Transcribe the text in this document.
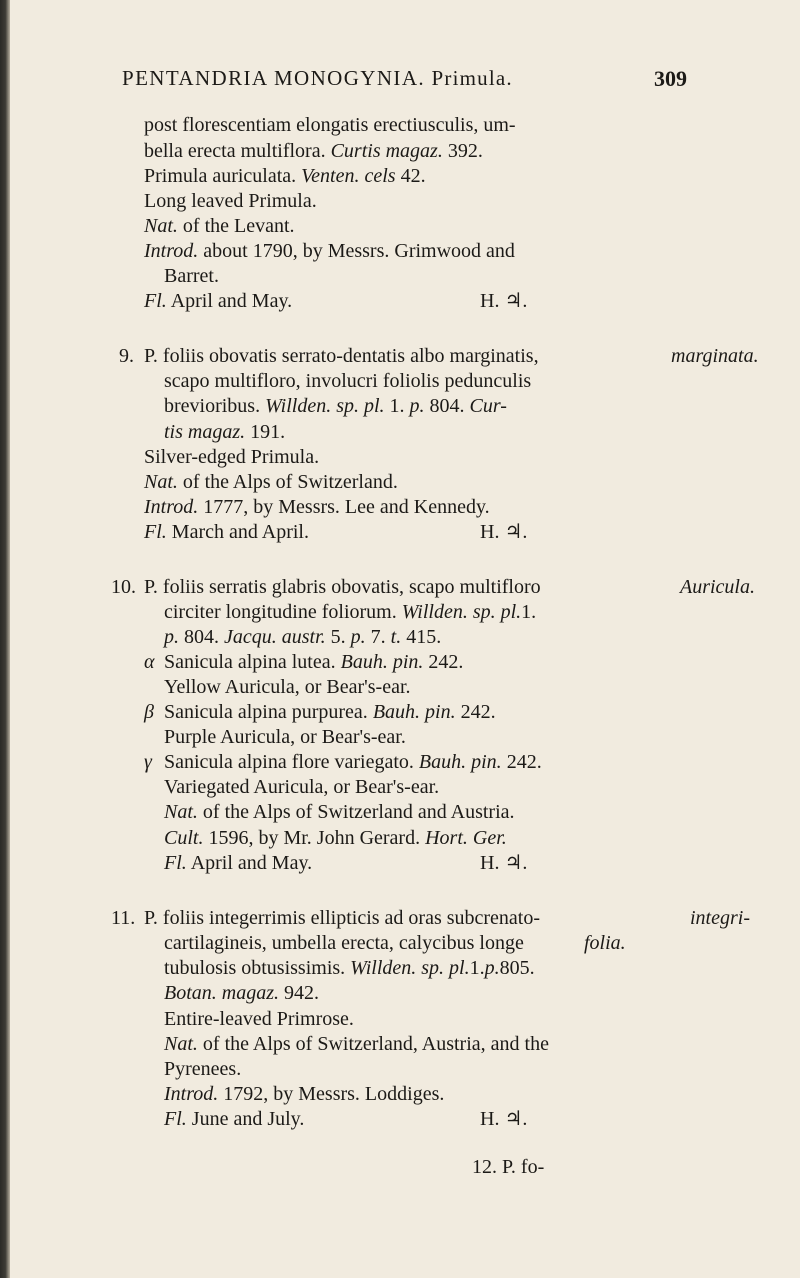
PENTANDRIA MONOGYNIA. Primula.	309
post florescentiam elongatis erectiusculis, um-
bella erecta multiflora. Curtis magaz. 392.
Primula auriculata. Venten. cels 42.
Long leaved Primula.
Nat. of the Levant.
Introd. about 1790, by Messrs. Grimwood and
Barret.
Fl. April and May.	H. ♃.
9. P. foliis obovatis serrato-dentatis albo marginatis,	marginata.
scapo multifloro, involucri foliolis pedunculis
brevioribus. Willden. sp. pl. 1. p. 804. Cur-
tis magaz. 191.
Silver-edged Primula.
Nat. of the Alps of Switzerland.
Introd. 1777, by Messrs. Lee and Kennedy.
Fl. March and April.	H. ♃.
10. P. foliis serratis glabris obovatis, scapo multifloro	Auricula.
circiter longitudine foliorum. Willden. sp. pl.1.
p. 804. Jacqu. austr. 5. p. 7. t. 415.
α Sanicula alpina lutea. Bauh. pin. 242.
Yellow Auricula, or Bear's-ear.
β Sanicula alpina purpurea. Bauh. pin. 242.
Purple Auricula, or Bear's-ear.
γ Sanicula alpina flore variegato. Bauh. pin. 242.
Variegated Auricula, or Bear's-ear.
Nat. of the Alps of Switzerland and Austria.
Cult. 1596, by Mr. John Gerard. Hort. Ger.
Fl. April and May.	H. ♃.
11. P. foliis integerrimis ellipticis ad oras subcrenato-	integri-
cartilagineis, umbella erecta, calycibus longe	folia.
tubulosis obtusissimis. Willden. sp. pl.1.p.805.
Botan. magaz. 942.
Entire-leaved Primrose.
Nat. of the Alps of Switzerland, Austria, and the
Pyrenees.
Introd. 1792, by Messrs. Loddiges.
Fl. June and July.	H. ♃.
12. P. fo-
